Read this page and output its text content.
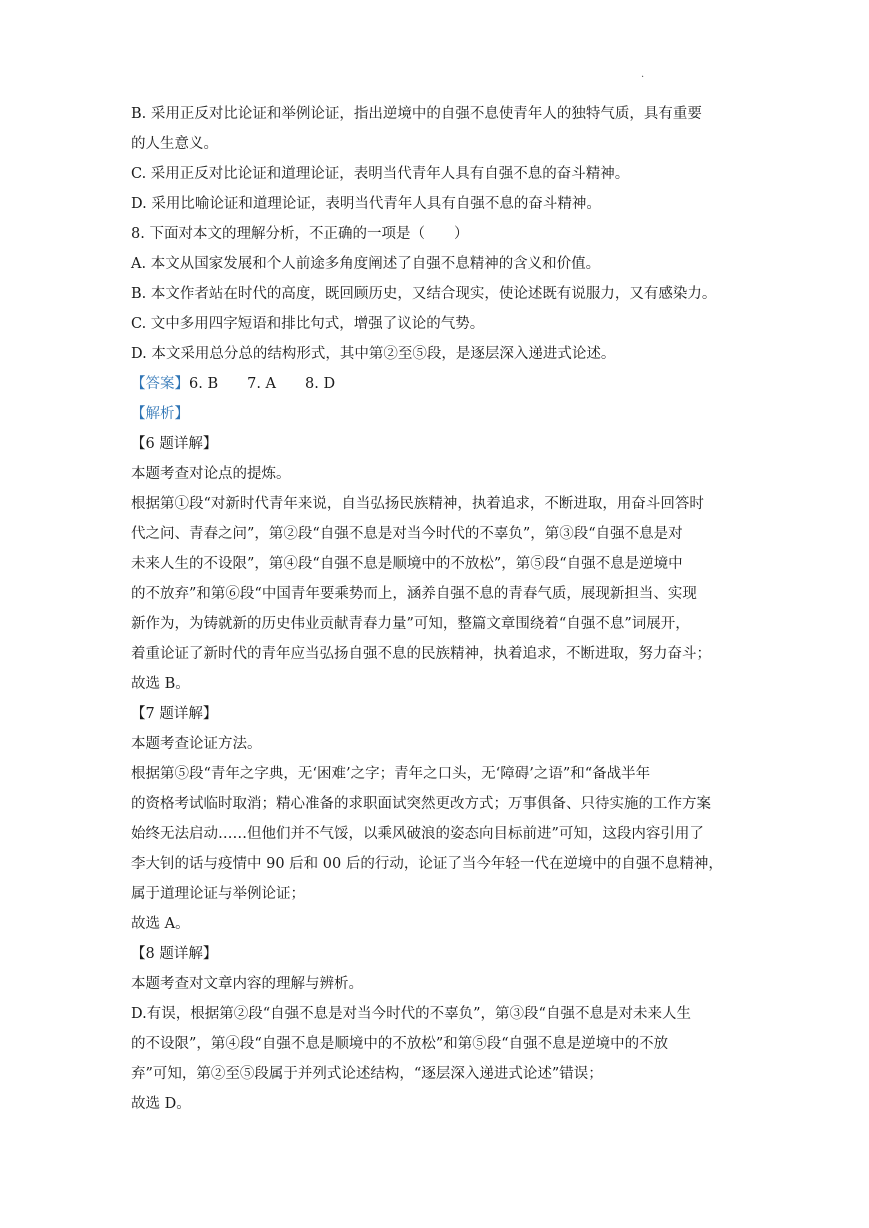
·
B. 采用正反对比论证和举例论证，指出逆境中的自强不息使青年人的独特气质，具有重要
的人生意义。
C. 采用正反对比论证和道理论证，表明当代青年人具有自强不息的奋斗精神。
D. 采用比喻论证和道理论证，表明当代青年人具有自强不息的奋斗精神。
8. 下面对本文的理解分析，不正确的一项是（　　）
A. 本文从国家发展和个人前途多角度阐述了自强不息精神的含义和价值。
B. 本文作者站在时代的高度，既回顾历史，又结合现实，使论述既有说服力，又有感染力。
C. 文中多用四字短语和排比句式，增强了议论的气势。
D. 本文采用总分总的结构形式，其中第②至⑤段，是逐层深入递进式论述。
【答案】6. B　　7. A　　8. D
【解析】
【6 题详解】
本题考查对论点的提炼。
根据第①段“对新时代青年来说，自当弘扬民族精神，执着追求，不断进取，用奋斗回答时
代之问、青春之问”，第②段“自强不息是对当今时代的不辜负”，第③段“自强不息是对
未来人生的不设限”，第④段“自强不息是顺境中的不放松”，第⑤段“自强不息是逆境中
的不放弃”和第⑥段“中国青年要乘势而上，涵养自强不息的青春气质，展现新担当、实现
新作为，为铸就新的历史伟业贡献青春力量”可知，整篇文章围绕着“自强不息”词展开，
着重论证了新时代的青年应当弘扬自强不息的民族精神，执着追求，不断进取，努力奋斗；
故选 B。
【7 题详解】
本题考查论证方法。
根据第⑤段“青年之字典，无‘困难’之字；青年之口头，无‘障碍’之语”和“备战半年
的资格考试临时取消；精心准备的求职面试突然更改方式；万事俱备、只待实施的工作方案
始终无法启动……但他们并不气馁，以乘风破浪的姿态向目标前进”可知，这段内容引用了
李大钊的话与疫情中 90 后和 00 后的行动，论证了当今年轻一代在逆境中的自强不息精神，
属于道理论证与举例论证；
故选 A。
【8 题详解】
本题考查对文章内容的理解与辨析。
D.有误，根据第②段“自强不息是对当今时代的不辜负”，第③段“自强不息是对未来人生
的不设限”，第④段“自强不息是顺境中的不放松”和第⑤段“自强不息是逆境中的不放
弃”可知，第②至⑤段属于并列式论述结构，“逐层深入递进式论述”错误；
故选 D。
